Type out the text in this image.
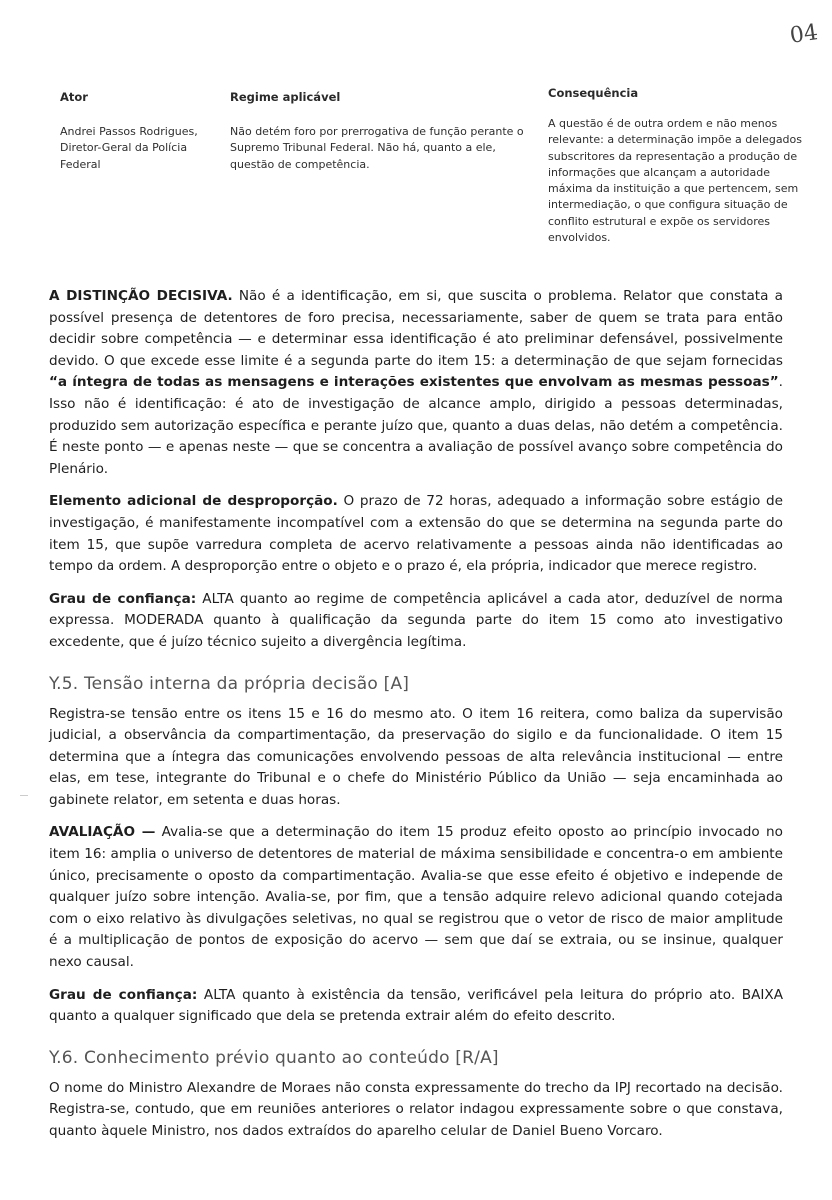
04
Ator
Andrei Passos Rodrigues, Diretor-Geral da Polícia Federal
Regime aplicável
Não detém foro por prerrogativa de função perante o Supremo Tribunal Federal. Não há, quanto a ele, questão de competência.
Consequência
A questão é de outra ordem e não menos relevante: a determinação impõe a delegados subscritores da representação a produção de informações que alcançam a autoridade máxima da instituição a que pertencem, sem intermediação, o que configura situação de conflito estrutural e expõe os servidores envolvidos.

A DISTINÇÃO DECISIVA. Não é a identificação, em si, que suscita o problema. Relator que constata a possível presença de detentores de foro precisa, necessariamente, saber de quem se trata para então decidir sobre competência — e determinar essa identificação é ato preliminar defensável, possivelmente devido. O que excede esse limite é a segunda parte do item 15: a determinação de que sejam fornecidas “a íntegra de todas as mensagens e interações existentes que envolvam as mesmas pessoas”. Isso não é identificação: é ato de investigação de alcance amplo, dirigido a pessoas determinadas, produzido sem autorização específica e perante juízo que, quanto a duas delas, não detém a competência. É neste ponto — e apenas neste — que se concentra a avaliação de possível avanço sobre competência do Plenário.

Elemento adicional de desproporção. O prazo de 72 horas, adequado a informação sobre estágio de investigação, é manifestamente incompatível com a extensão do que se determina na segunda parte do item 15, que supõe varredura completa de acervo relativamente a pessoas ainda não identificadas ao tempo da ordem. A desproporção entre o objeto e o prazo é, ela própria, indicador que merece registro.

Grau de confiança: ALTA quanto ao regime de competência aplicável a cada ator, deduzível de norma expressa. MODERADA quanto à qualificação da segunda parte do item 15 como ato investigativo excedente, que é juízo técnico sujeito a divergência legítima.

Y.5. Tensão interna da própria decisão [A]

Registra-se tensão entre os itens 15 e 16 do mesmo ato. O item 16 reitera, como baliza da supervisão judicial, a observância da compartimentação, da preservação do sigilo e da funcionalidade. O item 15 determina que a íntegra das comunicações envolvendo pessoas de alta relevância institucional — entre elas, em tese, integrante do Tribunal e o chefe do Ministério Público da União — seja encaminhada ao gabinete relator, em setenta e duas horas.

AVALIAÇÃO — Avalia-se que a determinação do item 15 produz efeito oposto ao princípio invocado no item 16: amplia o universo de detentores de material de máxima sensibilidade e concentra-o em ambiente único, precisamente o oposto da compartimentação. Avalia-se que esse efeito é objetivo e independe de qualquer juízo sobre intenção. Avalia-se, por fim, que a tensão adquire relevo adicional quando cotejada com o eixo relativo às divulgações seletivas, no qual se registrou que o vetor de risco de maior amplitude é a multiplicação de pontos de exposição do acervo — sem que daí se extraia, ou se insinue, qualquer nexo causal.

Grau de confiança: ALTA quanto à existência da tensão, verificável pela leitura do próprio ato. BAIXA quanto a qualquer significado que dela se pretenda extrair além do efeito descrito.

Y.6. Conhecimento prévio quanto ao conteúdo [R/A]

O nome do Ministro Alexandre de Moraes não consta expressamente do trecho da IPJ recortado na decisão. Registra-se, contudo, que em reuniões anteriores o relator indagou expressamente sobre o que constava, quanto àquele Ministro, nos dados extraídos do aparelho celular de Daniel Bueno Vorcaro.
